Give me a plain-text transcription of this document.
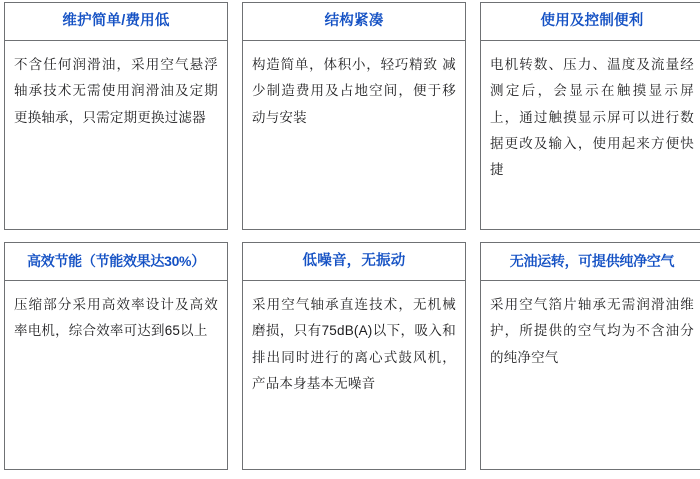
维护简单/费用低
不含任何润滑油，采用空气悬浮轴承技术无需使用润滑油及定期更换轴承，只需定期更换过滤器
结构紧凑
构造简单，体积小，轻巧精致 减少制造费用及占地空间，便于移动与安装
使用及控制便利
电机转数、压力、温度及流量经测定后，会显示在触摸显示屏上，通过触摸显示屏可以进行数据更改及输入，使用起来方便快捷
高效节能（节能效果达30%）
压缩部分采用高效率设计及高效率电机，综合效率可达到65以上
低噪音，无振动
采用空气轴承直连技术，无机械磨损，只有75dB(A)以下，吸入和排出同时进行的离心式鼓风机，产品本身基本无噪音
无油运转，可提供纯净空气
采用空气箔片轴承无需润滑油维护，所提供的空气均为不含油分的纯净空气
